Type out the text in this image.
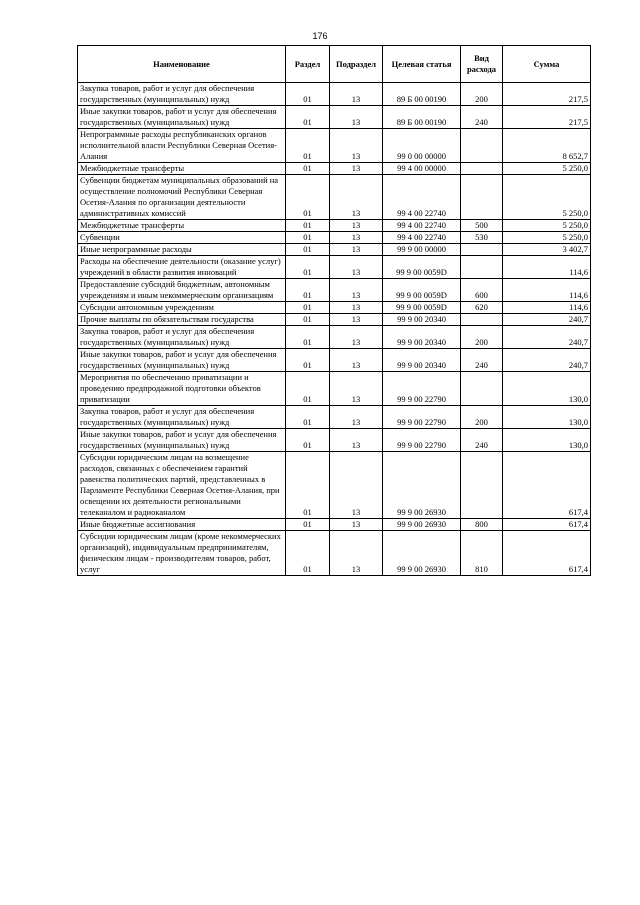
176
Наименование	Раздел	Подраздел	Целевая статья	Вид расхода	Сумма
Закупка товаров, работ и услуг для обеспечения государственных (муниципальных) нужд	01	13	89 Б 00 00190	200	217,5
Иные закупки товаров, работ и услуг для обеспечения государственных (муниципальных) нужд	01	13	89 Б 00 00190	240	217,5
Непрограммные расходы республиканских органов исполнительной власти Республики Северная Осетия-Алания	01	13	99 0 00 00000		8 652,7
Межбюджетные трансферты	01	13	99 4 00 00000		5 250,0
Субвенции бюджетам муниципальных образований на осуществление полномочий Республики Северная Осетия-Алания по организации деятельности административных комиссий	01	13	99 4 00 22740		5 250,0
Межбюджетные трансферты	01	13	99 4 00 22740	500	5 250,0
Субвенции	01	13	99 4 00 22740	530	5 250,0
Иные непрограммные расходы	01	13	99 9 00 00000		3 402,7
Расходы на обеспечение деятельности (оказание услуг) учреждений в области развития инноваций	01	13	99 9 00 0059D		114,6
Предоставление субсидий бюджетным, автономным учреждениям и иным некоммерческим организациям	01	13	99 9 00 0059D	600	114,6
Субсидии автономным учреждениям	01	13	99 9 00 0059D	620	114,6
Прочие выплаты по обязательствам государства	01	13	99 9 00 20340		240,7
Закупка товаров, работ и услуг для обеспечения государственных (муниципальных) нужд	01	13	99 9 00 20340	200	240,7
Иные закупки товаров, работ и услуг для обеспечения государственных (муниципальных) нужд	01	13	99 9 00 20340	240	240,7
Мероприятия по обеспечению приватизации и проведению предпродажной подготовки объектов приватизации	01	13	99 9 00 22790		130,0
Закупка товаров, работ и услуг для обеспечения государственных (муниципальных) нужд	01	13	99 9 00 22790	200	130,0
Иные закупки товаров, работ и услуг для обеспечения государственных (муниципальных) нужд	01	13	99 9 00 22790	240	130,0
Субсидии юридическим лицам на возмещение расходов, связанных с обеспечением гарантий равенства политических партий, представленных в Парламенте Республики Северная Осетия-Алания, при освещении их деятельности региональными телеканалом и радиоканалом	01	13	99 9 00 26930		617,4
Иные бюджетные ассигнования	01	13	99 9 00 26930	800	617,4
Субсидии юридическим лицам (кроме некоммерческих организаций), индивидуальным предпринимателям, физическим лицам - производителям товаров, работ, услуг	01	13	99 9 00 26930	810	617,4
